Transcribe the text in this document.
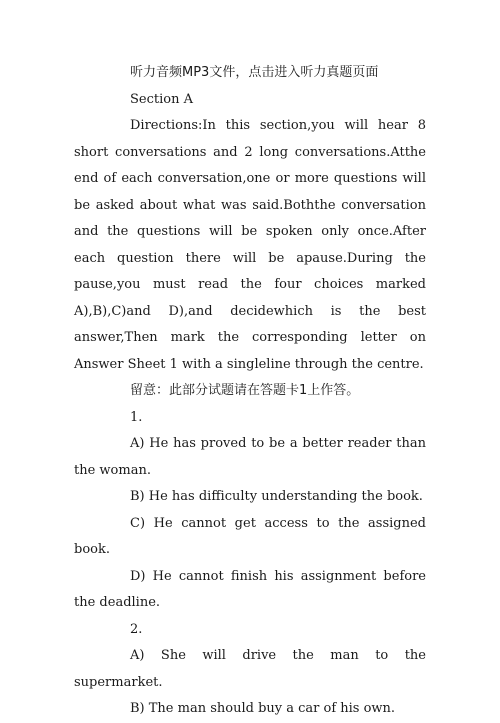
听力音频MP3文件，点击进入听力真题页面

Section A

Directions:In this section,you will hear 8 short conversations and 2 long conversations.Atthe end of each conversation,one or more questions will be asked about what was said.Boththe conversation and the questions will be spoken only once.After each question there will be apause.During the pause,you must read the four choices marked A),B),C)and D),and decidewhich is the best answer,Then mark the corresponding letter on Answer Sheet 1 with a singleline through the centre.

留意：此部分试题请在答题卡1上作答。

1.

A) He has proved to be a better reader than the woman.

B) He has difficulty understanding the book.

C) He cannot get access to the assigned book.

D) He cannot finish his assignment before the deadline.

2.

A) She will drive the man to the supermarket.

B) The man should buy a car of his own.
